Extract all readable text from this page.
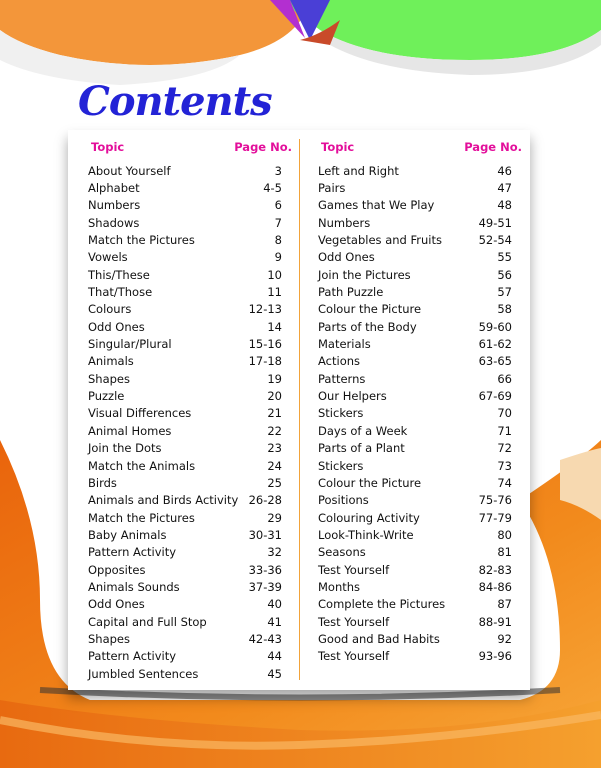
Contents
Topic	Page No.
About Yourself	3
Alphabet	4-5
Numbers	6
Shadows	7
Match the Pictures	8
Vowels	9
This/These	10
That/Those	11
Colours	12-13
Odd Ones	14
Singular/Plural	15-16
Animals	17-18
Shapes	19
Puzzle	20
Visual Differences	21
Animal Homes	22
Join the Dots	23
Match the Animals	24
Birds	25
Animals and Birds Activity 26-28
Match the Pictures	29
Baby Animals	30-31
Pattern Activity	32
Opposites	33-36
Animals Sounds	37-39
Odd Ones	40
Capital and Full Stop	41
Shapes	42-43
Pattern Activity	44
Jumbled Sentences	45
Topic	Page No.
Left and Right	46
Pairs	47
Games that We Play	48
Numbers	49-51
Vegetables and Fruits	52-54
Odd Ones	55
Join the Pictures	56
Path Puzzle	57
Colour the Picture	58
Parts of the Body	59-60
Materials	61-62
Actions	63-65
Patterns	66
Our Helpers	67-69
Stickers	70
Days of a Week	71
Parts of a Plant	72
Stickers	73
Colour the Picture	74
Positions	75-76
Colouring Activity	77-79
Look-Think-Write	80
Seasons	81
Test Yourself	82-83
Months	84-86
Complete the Pictures	87
Test Yourself	88-91
Good and Bad Habits	92
Test Yourself	93-96
